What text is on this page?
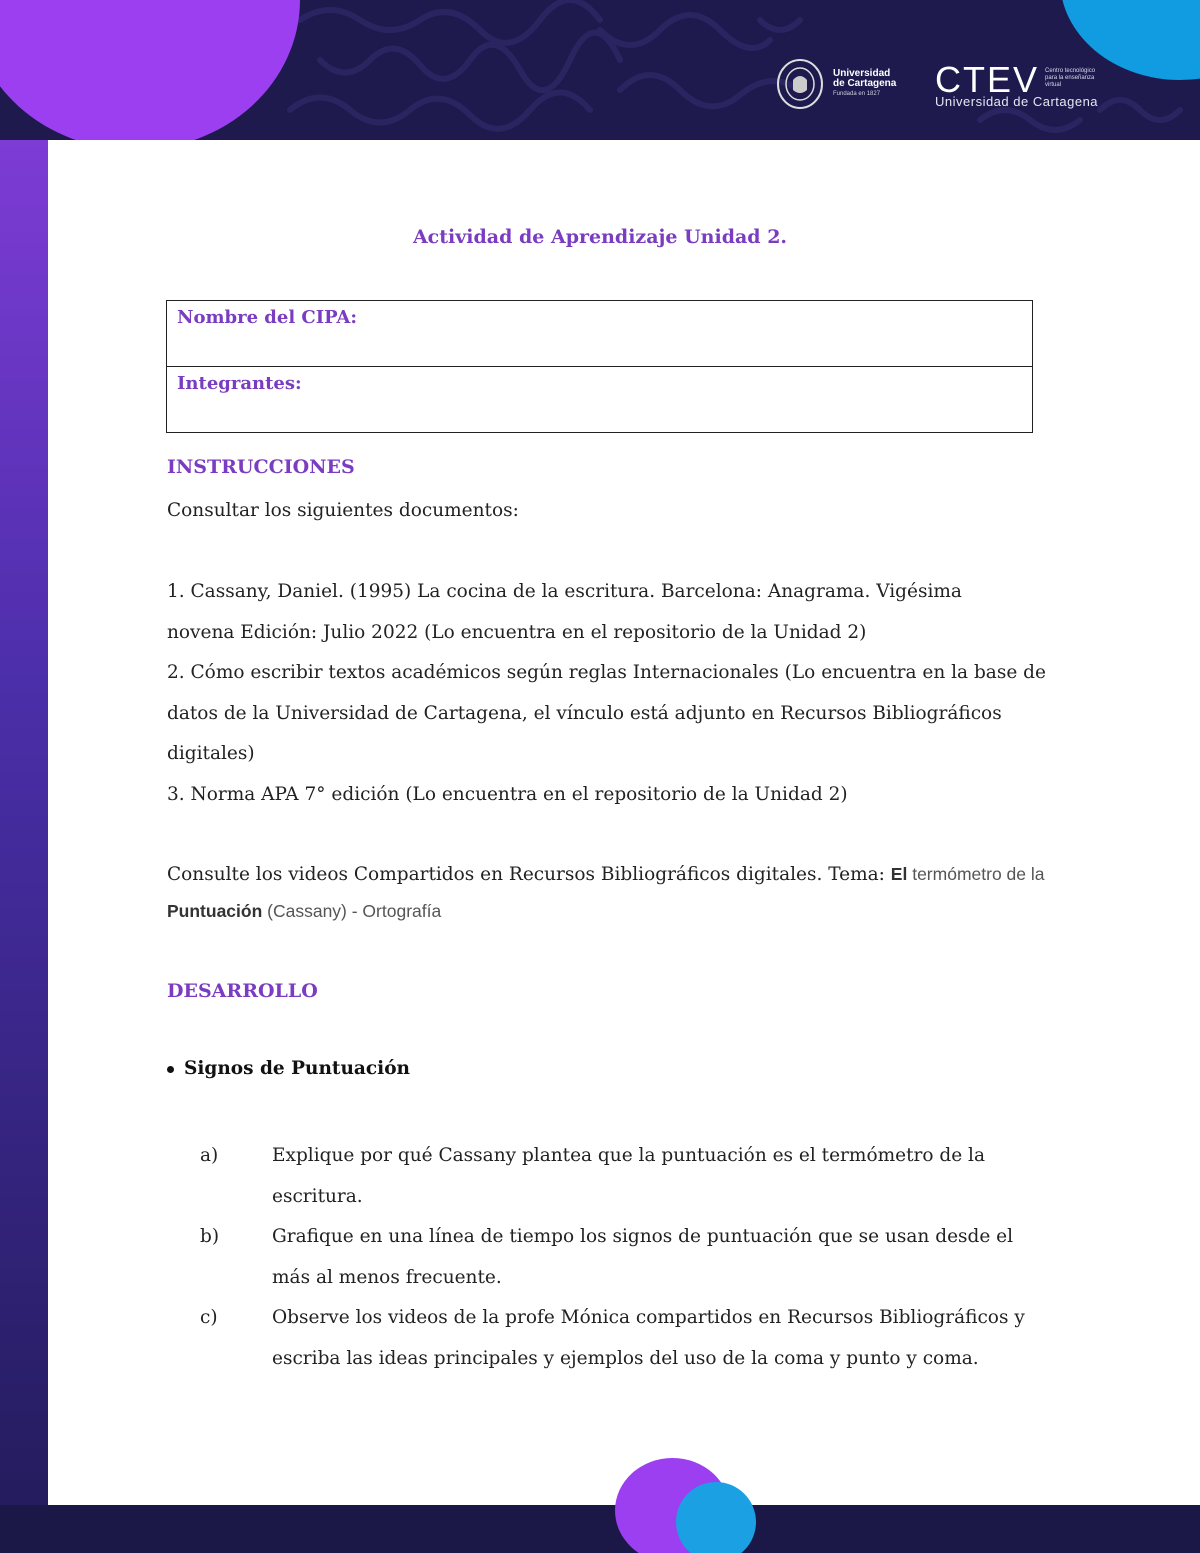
Universidad
de Cartagena
Fundada en 1827	CTEV Centro tecnológico para la enseñanza virtual
Universidad de Cartagena
Actividad de Aprendizaje Unidad 2.
Nombre del CIPA:
Integrantes:
INSTRUCCIONES
Consultar los siguientes documentos:
1. Cassany, Daniel. (1995) La cocina de la escritura. Barcelona: Anagrama. Vigésima novena Edición: Julio 2022 (Lo encuentra en el repositorio de la Unidad 2)
2. Cómo escribir textos académicos según reglas Internacionales (Lo encuentra en la base de datos de la Universidad de Cartagena, el vínculo está adjunto en Recursos Bibliográficos digitales)
3. Norma APA 7° edición (Lo encuentra en el repositorio de la Unidad 2)
Consulte los videos Compartidos en Recursos Bibliográficos digitales. Tema: El termómetro de la Puntuación (Cassany) - Ortografía
DESARROLLO
Signos de Puntuación
a)	Explique por qué Cassany plantea que la puntuación es el termómetro de la escritura.
b)	Grafique en una línea de tiempo los signos de puntuación que se usan desde el más al menos frecuente.
c)	Observe los videos de la profe Mónica compartidos en Recursos Bibliográficos y escriba las ideas principales y ejemplos del uso de la coma y punto y coma.
